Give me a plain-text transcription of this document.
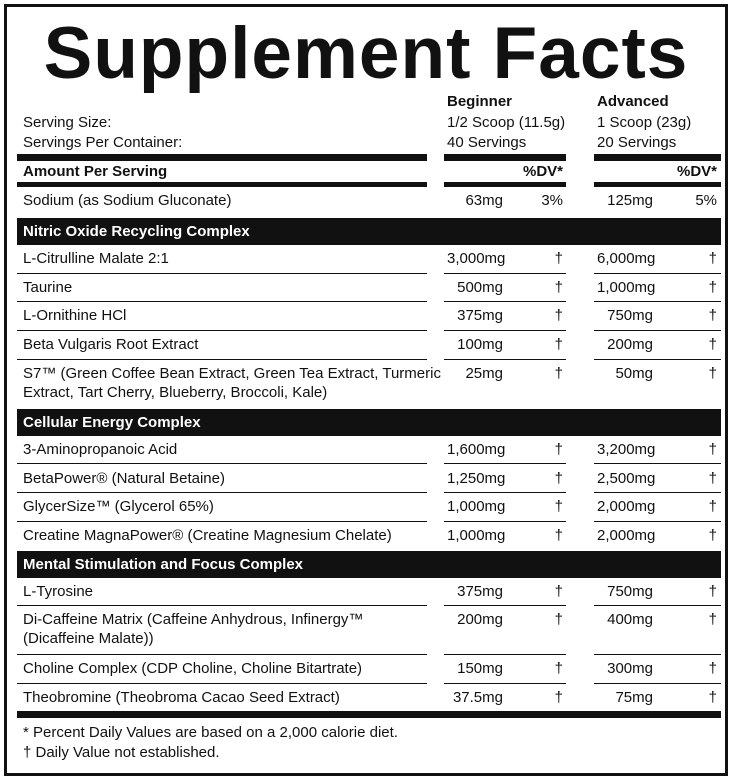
Supplement Facts
Beginner	Advanced
Serving Size:	1/2 Scoop (11.5g) 1 Scoop (23g)
Servings Per Container:	40 Servings	20 Servings
Amount Per Serving	%DV*	%DV*
Sodium (as Sodium Gluconate)	63mg	3%	125mg	5%
Nitric Oxide Recycling Complex
L-Citrulline Malate 2:1	3,000mg	† 6,000mg	†
Taurine	500mg	† 1,000mg	†
L-Ornithine HCl	375mg	†	750mg	†
Beta Vulgaris Root Extract	100mg	†	200mg	†
S7™ (Green Coffee Bean Extract, Green Tea Extract, Turmeric
Extract, Tart Cherry, Blueberry, Broccoli, Kale)
25mg	†	50mg	†
Cellular Energy Complex
3-Aminopropanoic Acid	1,600mg	† 3,200mg	†
BetaPower® (Natural Betaine)	1,250mg	† 2,500mg	†
GlycerSize™ (Glycerol 65%)	1,000mg	† 2,000mg	†
Creatine MagnaPower® (Creatine Magnesium Chelate)	1,000mg	† 2,000mg	†
Mental Stimulation and Focus Complex
L-Tyrosine	375mg	†	750mg	†
Di-Caffeine Matrix (Caffeine Anhydrous, Infinergy™
(Dicaffeine Malate))
200mg	†	400mg	†
Choline Complex (CDP Choline, Choline Bitartrate)	150mg	†	300mg	†
Theobromine (Theobroma Cacao Seed Extract)	37.5mg	†	75mg	†
* Percent Daily Values are based on a 2,000 calorie diet.
† Daily Value not established.
